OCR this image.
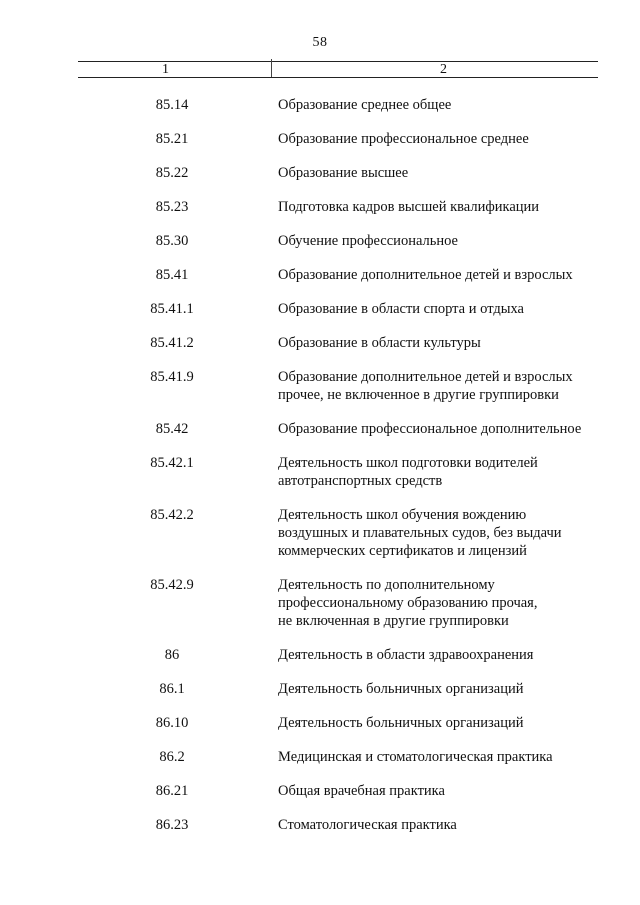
58
1	2
85.14	Образование среднее общее
85.21	Образование профессиональное среднее
85.22	Образование высшее
85.23	Подготовка кадров высшей квалификации
85.30	Обучение профессиональное
85.41	Образование дополнительное детей и взрослых
85.41.1	Образование в области спорта и отдыха
85.41.2	Образование в области культуры
85.41.9	Образование дополнительное детей и взрослых
прочее, не включенное в другие группировки
85.42	Образование профессиональное дополнительное
85.42.1	Деятельность школ подготовки водителей
автотранспортных средств
85.42.2	Деятельность школ обучения вождению
воздушных и плавательных судов, без выдачи
коммерческих сертификатов и лицензий
85.42.9	Деятельность по дополнительному
профессиональному образованию прочая,
не включенная в другие группировки
86	Деятельность в области здравоохранения
86.1	Деятельность больничных организаций
86.10	Деятельность больничных организаций
86.2	Медицинская и стоматологическая практика
86.21	Общая врачебная практика
86.23	Стоматологическая практика
